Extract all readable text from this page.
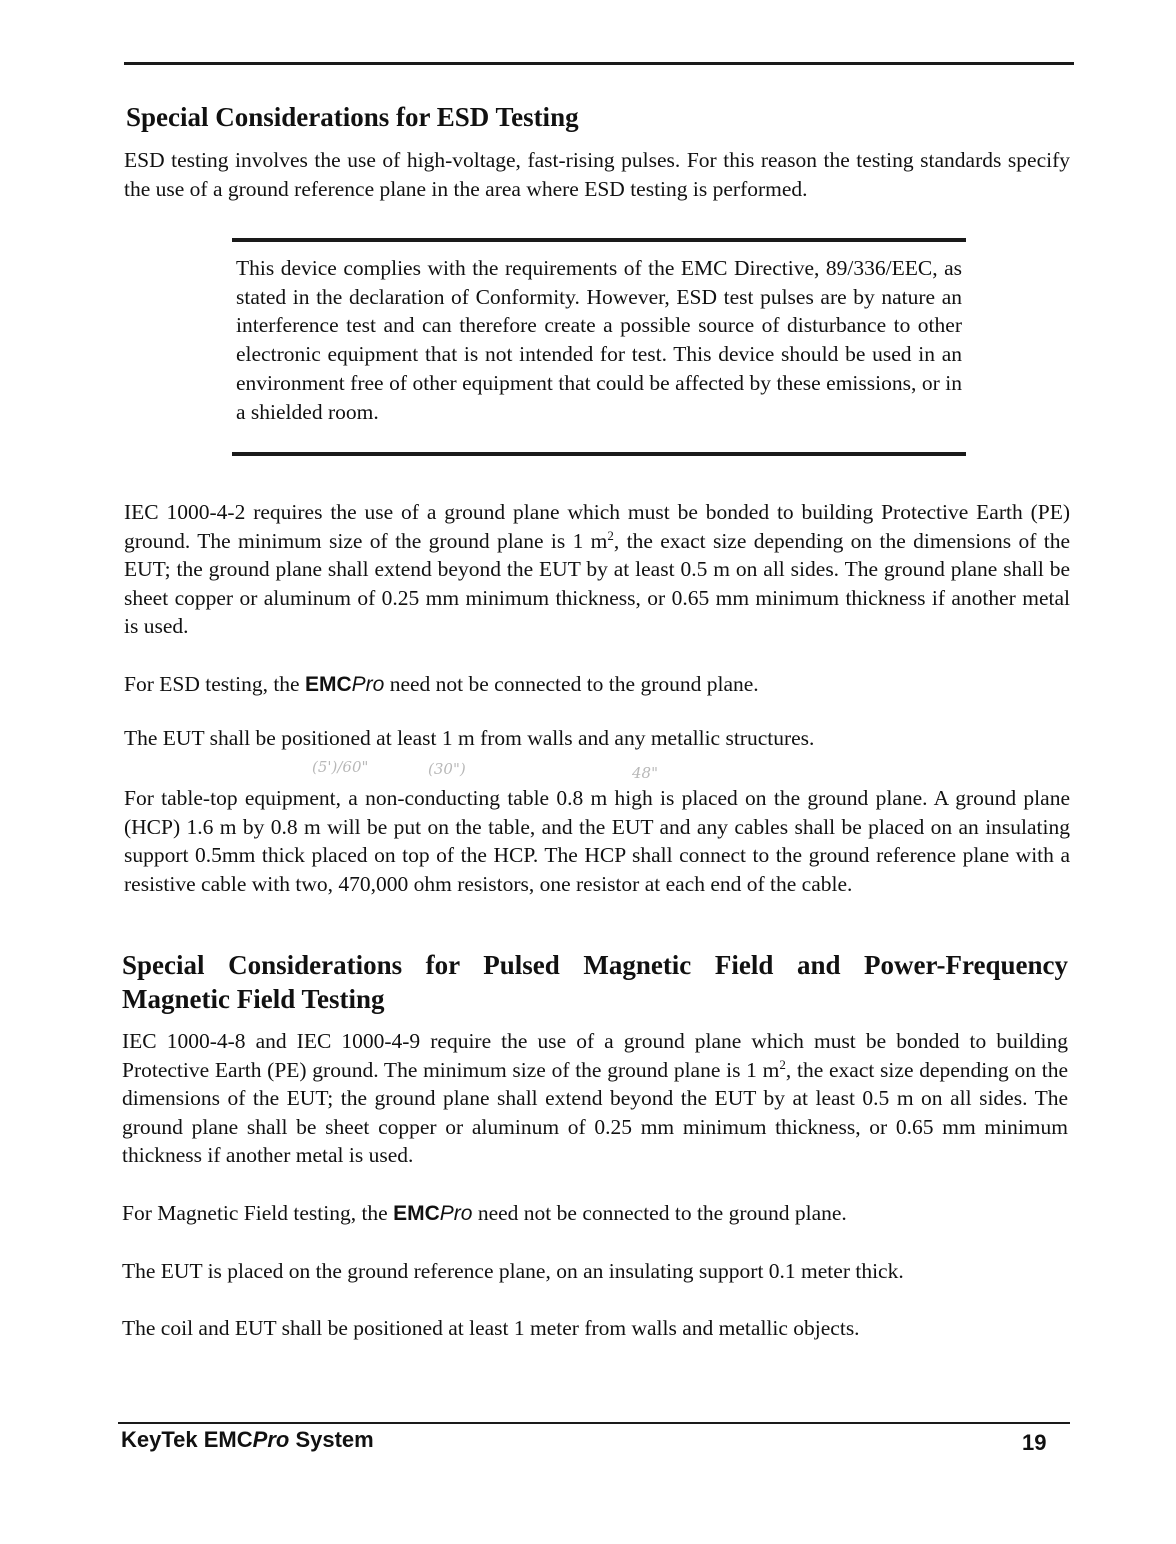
Special Considerations for ESD Testing

ESD testing involves the use of high-voltage, fast-rising pulses. For this reason the testing standards specify the use of a ground reference plane in the area where ESD testing is performed.

This device complies with the requirements of the EMC Directive, 89/336/EEC, as stated in the declaration of Conformity. However, ESD test pulses are by nature an interference test and can therefore create a possible source of disturbance to other electronic equipment that is not intended for test. This device should be used in an environment free of other equipment that could be affected by these emissions, or in a shielded room.

IEC 1000-4-2 requires the use of a ground plane which must be bonded to building Protective Earth (PE) ground. The minimum size of the ground plane is 1 $m^2$, the exact size depending on the dimensions of the EUT; the ground plane shall extend beyond the EUT by at least 0.5 m on all sides. The ground plane shall be sheet copper or aluminum of 0.25 mm minimum thickness, or 0.65 mm minimum thickness if another metal is used.

For ESD testing, the EMCPro need not be connected to the ground plane.

The EUT shall be positioned at least 1 m from walls and any metallic structures.

(5')/60"	(30")	48"

For table-top equipment, a non-conducting table 0.8 m high is placed on the ground plane. A ground plane (HCP) 1.6 m by 0.8 m will be put on the table, and the EUT and any cables shall be placed on an insulating support 0.5mm thick placed on top of the HCP. The HCP shall connect to the ground reference plane with a resistive cable with two, 470,000 ohm resistors, one resistor at each end of the cable.

Special Considerations for Pulsed Magnetic Field and Power-Frequency
Magnetic Field Testing

IEC 1000-4-8 and IEC 1000-4-9 require the use of a ground plane which must be bonded to building Protective Earth (PE) ground. The minimum size of the ground plane is 1 $m^2$, the exact size depending on the dimensions of the EUT; the ground plane shall extend beyond the EUT by at least 0.5 m on all sides. The ground plane shall be sheet copper or aluminum of 0.25 mm minimum thickness, or 0.65 mm minimum thickness if another metal is used.

For Magnetic Field testing, the EMCPro need not be connected to the ground plane.

The EUT is placed on the ground reference plane, on an insulating support 0.1 meter thick.

The coil and EUT shall be positioned at least 1 meter from walls and metallic objects.

KeyTek EMCPro System	19
